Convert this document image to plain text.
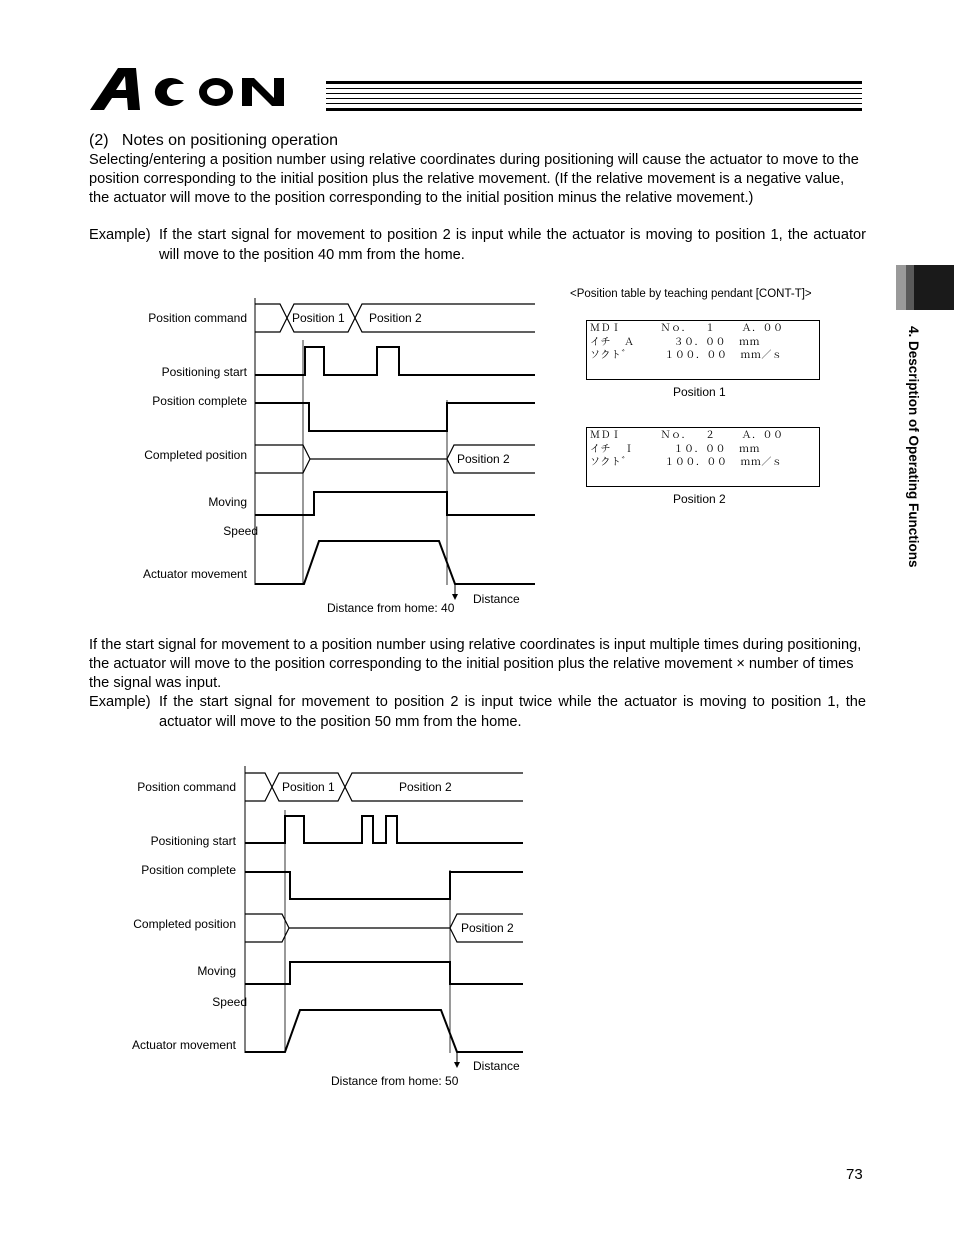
ACON
(2)   Notes on positioning operation
Selecting/entering a position number using relative coordinates during positioning will cause the actuator to move to the position corresponding to the initial position plus the relative movement. (If the relative movement is a negative value, the actuator will move to the position corresponding to the initial position minus the relative movement.)
Example) If the start signal for movement to position 2 is input while the actuator is moving to position 1, the actuator will move to the position 40 mm from the home.
<Position table by teaching pendant [CONT-T]>
ＭＤＩ      Ｎｏ．  １    Ａ．００
イチ  Ａ      ３０．００  ｍｍ
ソクト゛     １００．００  ｍｍ／ｓ
Position 1
ＭＤＩ      Ｎｏ．  ２    Ａ．００
イチ  Ｉ      １０．００  ｍｍ
ソクト゛     １００．００  ｍｍ／ｓ
Position 2
Position command
Positioning start
Position complete
Completed position
Moving
Speed
Actuator movement
Position 1 Position 2
Position 2
Distance
Distance from home: 40
If the start signal for movement to a position number using relative coordinates is input multiple times during positioning, the actuator will move to the position corresponding to the initial position plus the relative movement × number of times the signal was input.
Example) If the start signal for movement to position 2 is input twice while the actuator is moving to position 1, the actuator will move to the position 50 mm from the home.
Position command
Positioning start
Position complete
Completed position
Moving
Speed
Actuator movement
Position 1	Position 2
Position 2
Distance
Distance from home: 50
4. Description of Operating Functions
73
